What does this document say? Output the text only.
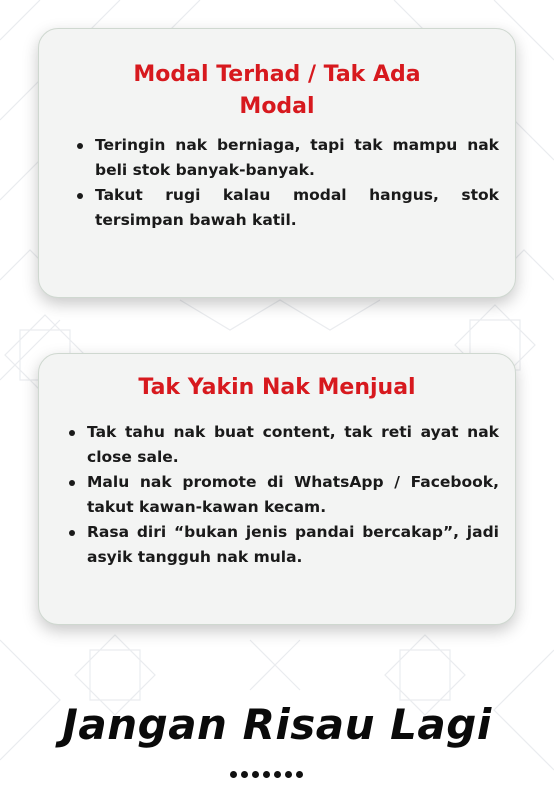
Modal Terhad / Tak Ada Modal
Teringin nak berniaga, tapi tak mampu nak beli stok banyak-banyak.
Takut rugi kalau modal hangus, stok tersimpan bawah katil.
Tak Yakin Nak Menjual
Tak tahu nak buat content, tak reti ayat nak close sale.
Malu nak promote di WhatsApp / Facebook, takut kawan-kawan kecam.
Rasa diri “bukan jenis pandai bercakap”, jadi asyik tangguh nak mula.
Jangan Risau Lagi
